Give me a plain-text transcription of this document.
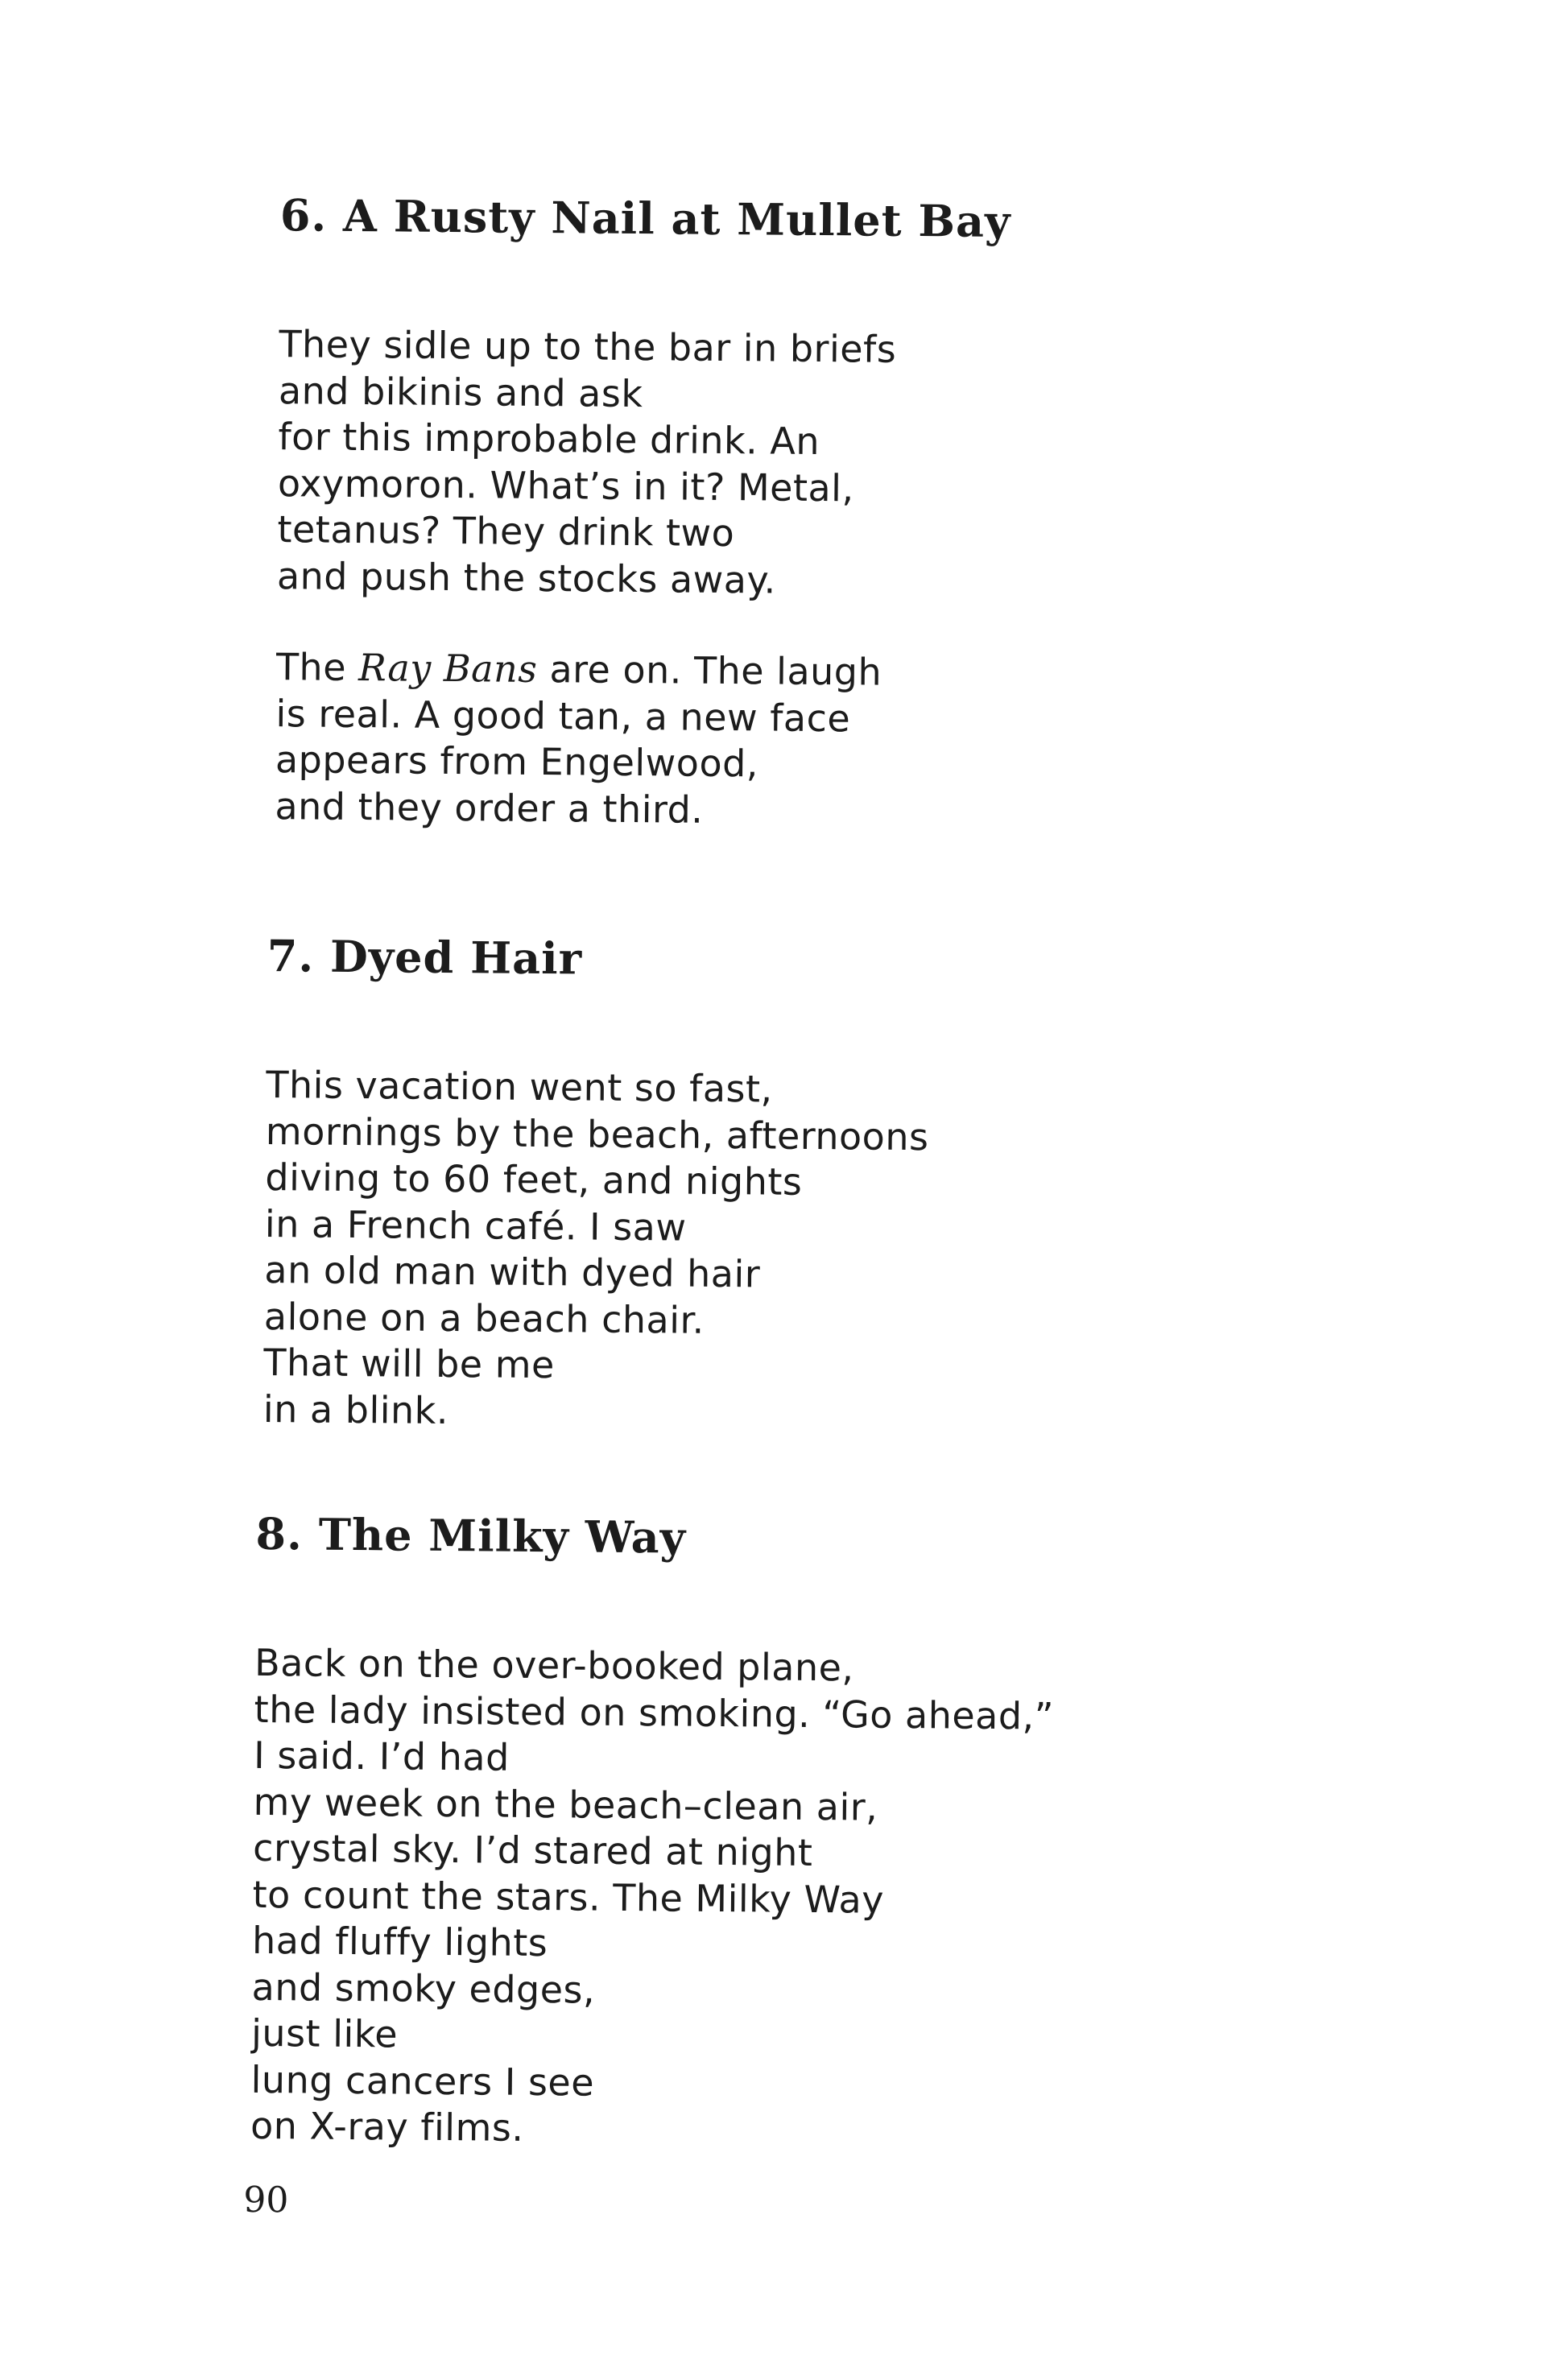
6. A Rusty Nail at Mullet Bay
They sidle up to the bar in briefs
and bikinis and ask
for this improbable drink. An
oxymoron. What’s in it? Metal,
tetanus? They drink two
and push the stocks away.
The Ray Bans are on. The laugh
is real. A good tan, a new face
appears from Engelwood,
and they order a third.
7. Dyed Hair
This vacation went so fast,
mornings by the beach, afternoons
diving to 60 feet, and nights
in a French café. I saw
an old man with dyed hair
alone on a beach chair.
That will be me
in a blink.
8. The Milky Way
Back on the over-booked plane,
the lady insisted on smoking. “Go ahead,”
I said. I’d had
my week on the beach–clean air,
crystal sky. I’d stared at night
to count the stars. The Milky Way
had fluffy lights
and smoky edges,
just like
lung cancers I see
on X-ray films.
90
